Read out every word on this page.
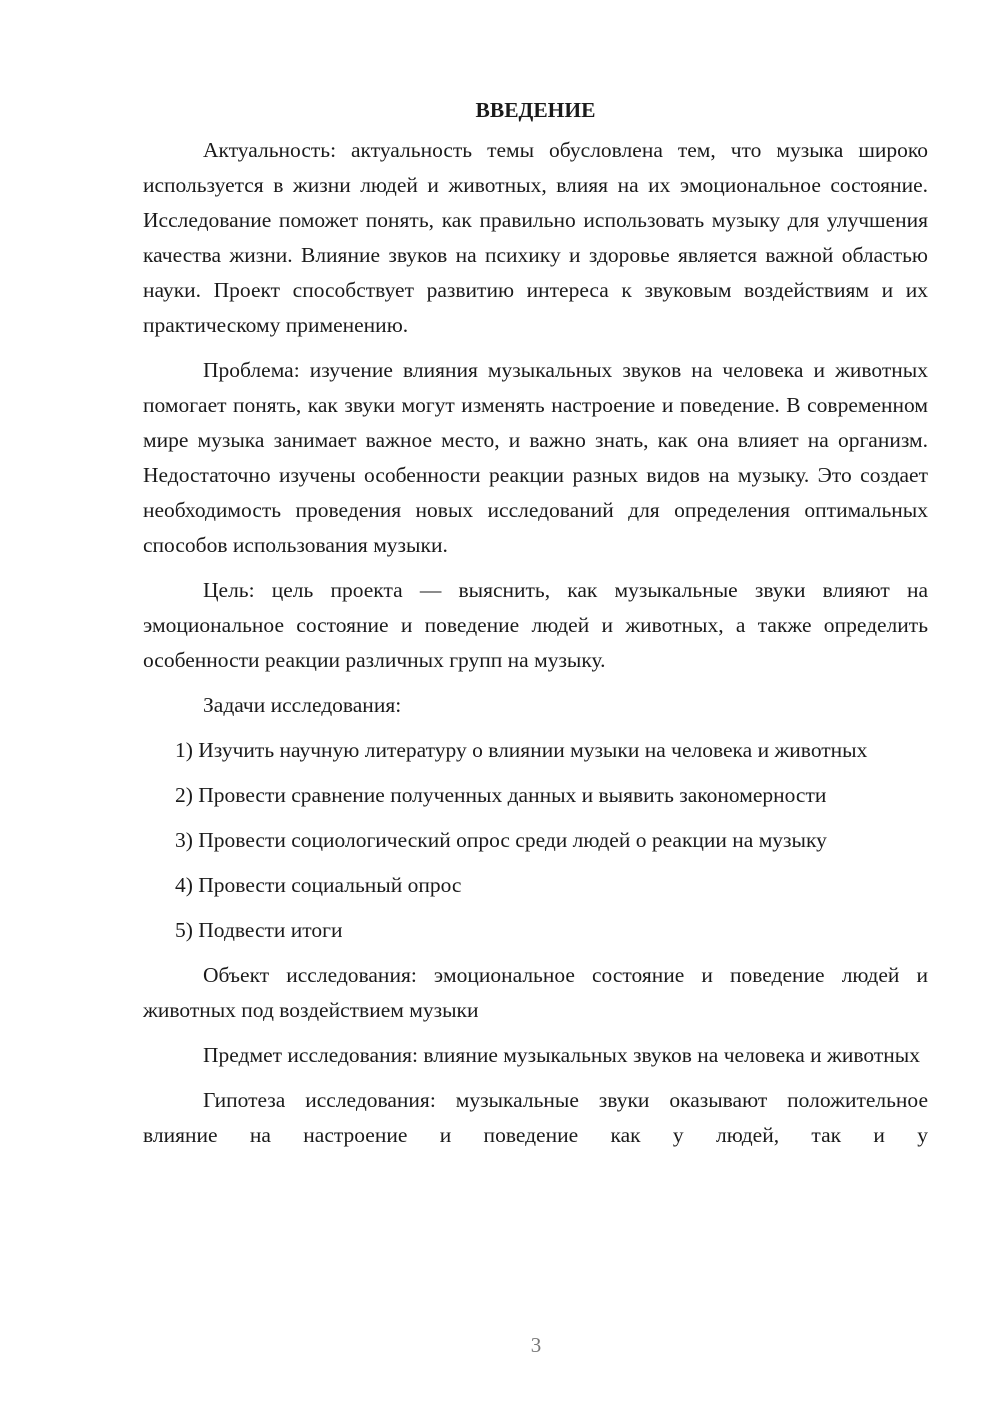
ВВЕДЕНИЕ

Актуальность: актуальность темы обусловлена тем, что музыка широко используется в жизни людей и животных, влияя на их эмоциональное состояние. Исследование поможет понять, как правильно использовать музыку для улучшения качества жизни. Влияние звуков на психику и здоровье является важной областью науки. Проект способствует развитию интереса к звуковым воздействиям и их практическому применению.

Проблема: изучение влияния музыкальных звуков на человека и животных помогает понять, как звуки могут изменять настроение и поведение. В современном мире музыка занимает важное место, и важно знать, как она влияет на организм. Недостаточно изучены особенности реакции разных видов на музыку. Это создает необходимость проведения новых исследований для определения оптимальных способов использования музыки.

Цель: цель проекта — выяснить, как музыкальные звуки влияют на эмоциональное состояние и поведение людей и животных, а также определить особенности реакции различных групп на музыку.

Задачи исследования:

1) Изучить научную литературу о влиянии музыки на человека и животных

2) Провести сравнение полученных данных и выявить закономерности

3) Провести социологический опрос среди людей о реакции на музыку

4) Провести социальный опрос

5) Подвести итоги

Объект исследования: эмоциональное состояние и поведение людей и животных под воздействием музыки

Предмет исследования: влияние музыкальных звуков на человека и животных

Гипотеза исследования: музыкальные звуки оказывают положительное влияние на настроение и поведение как у людей, так и у

3
